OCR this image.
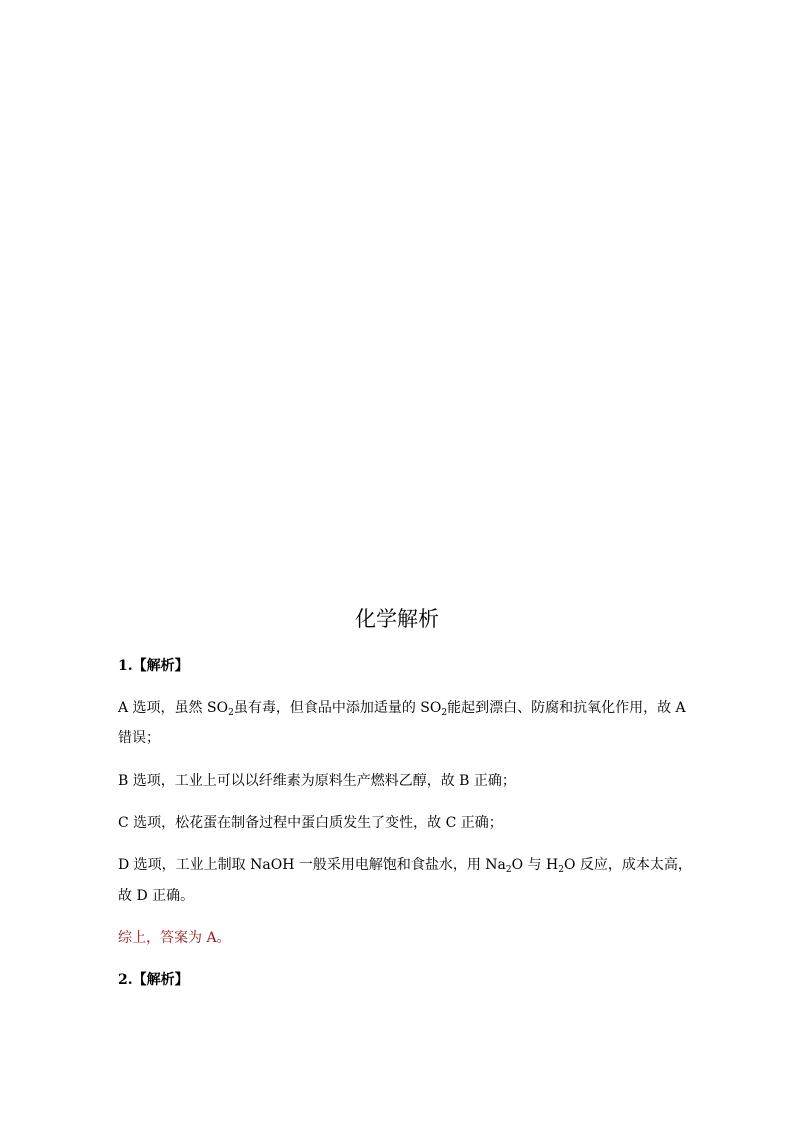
化学解析
1.【解析】
A 选项，虽然 $SO_2$虽有毒，但食品中添加适量的 $SO_2$能起到漂白、防腐和抗氧化作用，故 A
错误；
B 选项，工业上可以以纤维素为原料生产燃料乙醇，故 B 正确；
C 选项，松花蛋在制备过程中蛋白质发生了变性，故 C 正确；
D 选项，工业上制取 NaOH 一般采用电解饱和食盐水，用 $Na_2O$ 与 $H_2O$ 反应，成本太高，
故 D 正确。
综上，答案为 A。
2.【解析】
